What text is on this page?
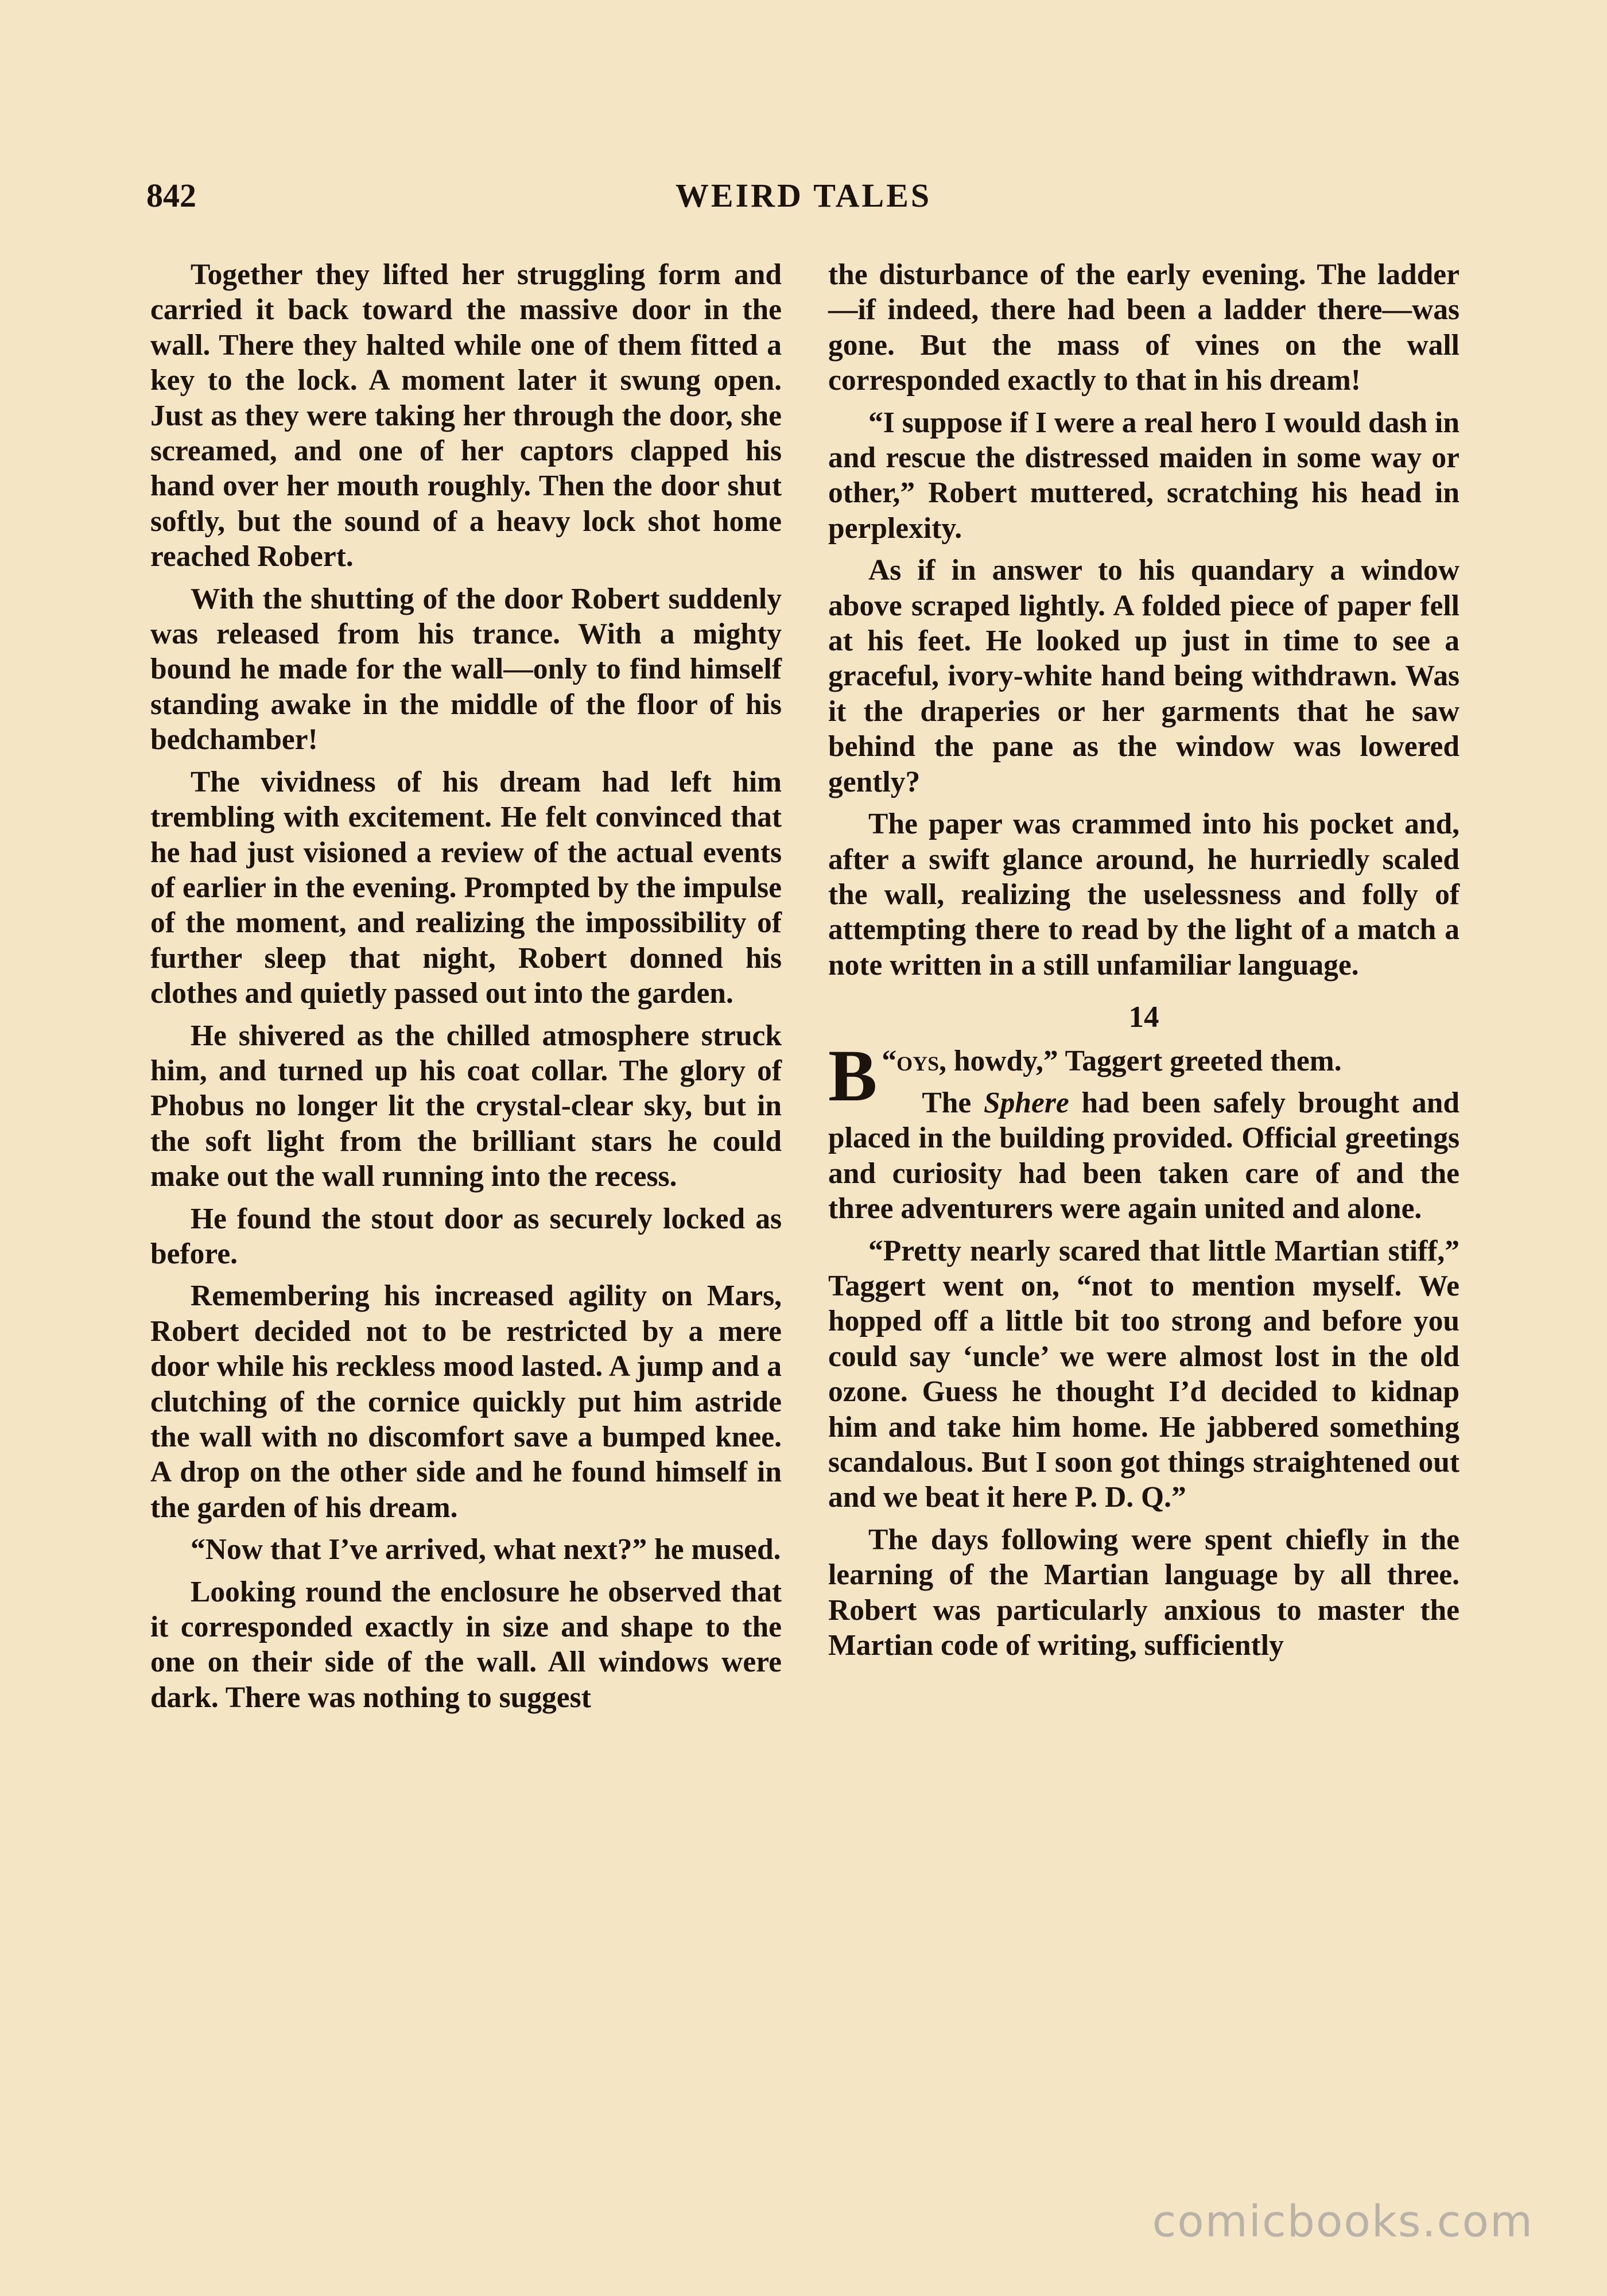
842	WEIRD TALES

Together they lifted her struggling form and carried it back toward the massive door in the wall. There they halted while one of them fitted a key to the lock. A moment later it swung open. Just as they were taking her through the door, she screamed, and one of her captors clapped his hand over her mouth roughly. Then the door shut softly, but the sound of a heavy lock shot home reached Robert.

With the shutting of the door Robert suddenly was released from his trance. With a mighty bound he made for the wall—only to find himself standing awake in the middle of the floor of his bedchamber!

The vividness of his dream had left him trembling with excitement. He felt convinced that he had just visioned a review of the actual events of earlier in the evening. Prompted by the impulse of the moment, and realizing the impossibility of further sleep that night, Robert donned his clothes and quietly passed out into the garden.

He shivered as the chilled atmosphere struck him, and turned up his coat collar. The glory of Phobus no longer lit the crystal-clear sky, but in the soft light from the brilliant stars he could make out the wall running into the recess.

He found the stout door as securely locked as before.

Remembering his increased agility on Mars, Robert decided not to be restricted by a mere door while his reckless mood lasted. A jump and a clutching of the cornice quickly put him astride the wall with no discomfort save a bumped knee. A drop on the other side and he found himself in the garden of his dream.

“Now that I’ve arrived, what next?” he mused.

Looking round the enclosure he observed that it corresponded exactly in size and shape to the one on their side of the wall. All windows were dark. There was nothing to suggest

the disturbance of the early evening. The ladder—if indeed, there had been a ladder there—was gone. But the mass of vines on the wall corresponded exactly to that in his dream!

“I suppose if I were a real hero I would dash in and rescue the distressed maiden in some way or other,” Robert muttered, scratching his head in perplexity.

As if in answer to his quandary a window above scraped lightly. A folded piece of paper fell at his feet. He looked up just in time to see a graceful, ivory-white hand being withdrawn. Was it the draperies or her garments that he saw behind the pane as the window was lowered gently?

The paper was crammed into his pocket and, after a swift glance around, he hurriedly scaled the wall, realizing the uselessness and folly of attempting there to read by the light of a match a note written in a still unfamiliar language.

14

“
B oys, howdy,” Taggert greeted them.

The Sphere had been safely brought and placed in the building provided. Official greetings and curiosity had been taken care of and the three adventurers were again united and alone.

“Pretty nearly scared that little Martian stiff,” Taggert went on, “not to mention myself. We hopped off a little bit too strong and before you could say ‘uncle’ we were almost lost in the old ozone. Guess he thought I’d decided to kidnap him and take him home. He jabbered something scandalous. But I soon got things straightened out and we beat it here P. D. Q.”

The days following were spent chiefly in the learning of the Martian language by all three. Robert was particularly anxious to master the Martian code of writing, sufficiently

comicbooks.com
